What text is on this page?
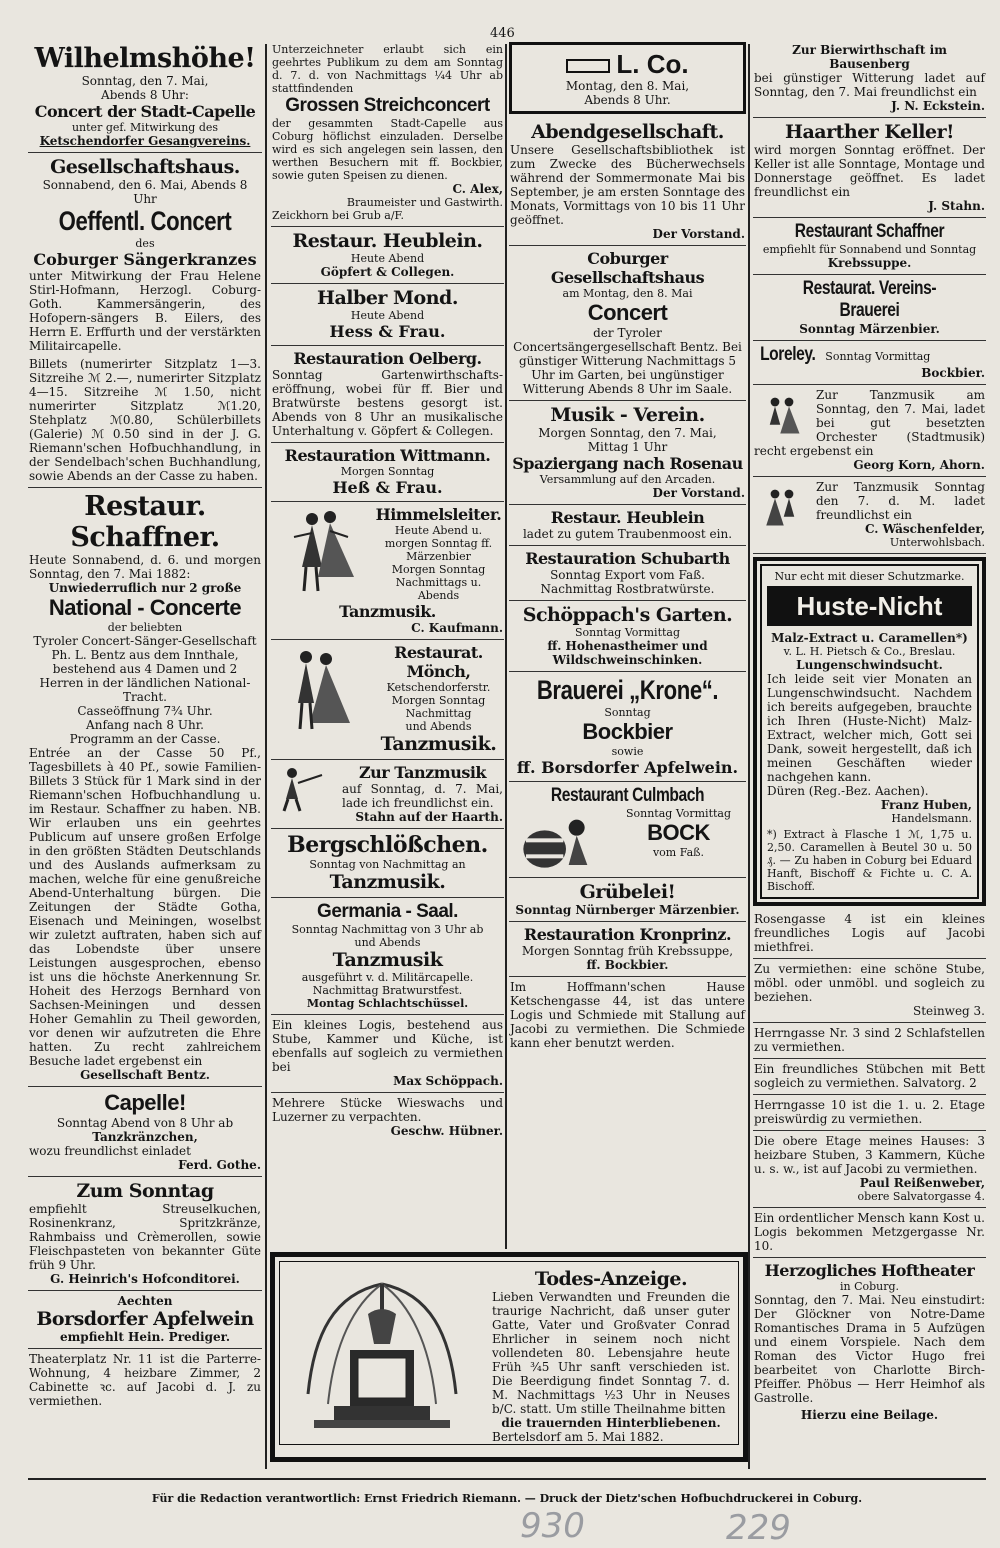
446

Wilhelmshöhe!

Sonntag, den 7. Mai,

Abends 8 Uhr:

Concert der Stadt-Capelle

unter gef. Mitwirkung des

Ketschendorfer Gesangvereins.

Gesellschaftshaus.

Sonnabend, den 6. Mai, Abends 8 Uhr

Oeffentl. Concert

des

Coburger Sängerkranzes

unter Mitwirkung der Frau Helene Stirl-Hofmann, Herzogl. Coburg-Goth. Kammersängerin, des Hofopern-sängers B. Eilers, des Herrn E. Erffurth und der verstärkten Militaircapelle.

Billets (numerirter Sitzplatz 1—3. Sitzreihe ℳ 2.—, numerirter Sitzplatz 4—15. Sitzreihe ℳ 1.50, nicht numerirter Sitzplatz ℳ1.20, Stehplatz ℳ0.80, Schülerbillets (Galerie) ℳ 0.50 sind in der J. G. Riemann'schen Hofbuchhandlung, in der Sendelbach'schen Buchhandlung, sowie Abends an der Casse zu haben.

Restaur. Schaffner.

Heute Sonnabend, d. 6. und morgen Sonntag, den 7. Mai 1882:

Unwiederruflich nur 2 große

National - Concerte

der beliebten

Tyroler Concert-Sänger-Gesellschaft Ph. L. Bentz aus dem Innthale, bestehend aus 4 Damen und 2 Herren in der ländlichen National-Tracht.

Casseöffnung 7¾ Uhr.

Anfang nach 8 Uhr.

Programm an der Casse.

Entrée an der Casse 50 Pf., Tagesbillets à 40 Pf., sowie Familien-Billets 3 Stück für 1 Mark sind in der Riemann'schen Hofbuchhandlung u. im Restaur. Schaffner zu haben. NB. Wir erlauben uns ein geehrtes Publicum auf unsere großen Erfolge in den größten Städten Deutschlands und des Auslands aufmerksam zu machen, welche für eine genußreiche Abend-Unterhaltung bürgen. Die Zeitungen der Städte Gotha, Eisenach und Meiningen, woselbst wir zuletzt auftraten, haben sich auf das Lobendste über unsere Leistungen ausgesprochen, ebenso ist uns die höchste Anerkennung Sr. Hoheit des Herzogs Bernhard von Sachsen-Meiningen und dessen Hoher Gemahlin zu Theil geworden, vor denen wir aufzutreten die Ehre hatten. Zu recht zahlreichem Besuche ladet ergebenst ein

Gesellschaft Bentz.

Capelle!

Sonntag Abend von 8 Uhr ab

Tanzkränzchen,

wozu freundlichst einladet

Ferd. Gothe.

Zum Sonntag

empfiehlt Streuselkuchen, Rosinenkranz, Spritzkränze, Rahmbaiss und Crèmerollen, sowie Fleischpasteten von bekannter Güte früh 9 Uhr.

G. Heinrich's Hofconditorei.

Aechten

Borsdorfer Apfelwein

empfiehlt Hein. Prediger.

Theaterplatz Nr. 11 ist die Parterre-Wohnung, 4 heizbare Zimmer, 2 Cabinette ꝛc. auf Jacobi d. J. zu vermiethen.

Unterzeichneter erlaubt sich ein geehrtes Publikum zu dem am Sonntag d. 7. d. von Nachmittags ¼4 Uhr ab stattfindenden

Grossen Streichconcert

der gesammten Stadt-Capelle aus Coburg höflichst einzuladen. Derselbe wird es sich angelegen sein lassen, den werthen Besuchern mit ff. Bockbier, sowie guten Speisen zu dienen.

C. Alex,

Braumeister und Gastwirth.

Zeickhorn bei Grub a/F.

Restaur. Heublein.

Heute Abend

Göpfert & Collegen.

Halber Mond.

Heute Abend

Hess & Frau.

Restauration Oelberg.

Sonntag Gartenwirthschafts-eröffnung, wobei für ff. Bier und Bratwürste bestens gesorgt ist. Abends von 8 Uhr an musikalische Unterhaltung v. Göpfert & Collegen.

Restauration Wittmann.

Morgen Sonntag

Heß & Frau.

Himmelsleiter.

Heute Abend u. morgen Sonntag ff. Märzenbier

Morgen Sonntag

Nachmittags u. Abends

Tanzmusik.

C. Kaufmann.

Restaurat. Mönch,

Ketschendorferstr.

Morgen Sonntag Nachmittag

und Abends

Tanzmusik.

Zur Tanzmusik

auf Sonntag, d. 7. Mai, lade ich freundlichst ein.

Stahn auf der Haarth.

Bergschlößchen.

Sonntag von Nachmittag an

Tanzmusik.

Germania - Saal.

Sonntag Nachmittag von 3 Uhr ab

und Abends

Tanzmusik

ausgeführt v. d. Militärcapelle.

Nachmittag Bratwurstfest.

Montag Schlachtschüssel.

Ein kleines Logis, bestehend aus Stube, Kammer und Küche, ist ebenfalls auf sogleich zu vermiethen bei

Max Schöppach.

Mehrere Stücke Wieswachs und Luzerner zu verpachten.

Geschw. Hübner.

L. Co.

Montag, den 8. Mai,

Abends 8 Uhr.

Abendgesellschaft.

Unsere Gesellschaftsbibliothek ist zum Zwecke des Bücherwechsels während der Sommermonate Mai bis September, je am ersten Sonntage des Monats, Vormittags von 10 bis 11 Uhr geöffnet.

Der Vorstand.

Coburger Gesellschaftshaus

am Montag, den 8. Mai

Concert

der Tyroler Concertsängergesellschaft Bentz. Bei günstiger Witterung Nachmittags 5 Uhr im Garten, bei ungünstiger Witterung Abends 8 Uhr im Saale.

Musik - Verein.

Morgen Sonntag, den 7. Mai,

Mittag 1 Uhr

Spaziergang nach Rosenau

Versammlung auf den Arcaden.

Der Vorstand.

Restaur. Heublein

ladet zu gutem Traubenmoost ein.

Restauration Schubarth

Sonntag Export vom Faß.

Nachmittag Rostbratwürste.

Schöppach's Garten.

Sonntag Vormittag

ff. Hohenastheimer und Wildschweinschinken.

Brauerei „Krone“.

Sonntag

Bockbier

sowie

ff. Borsdorfer Apfelwein.

Restaurant Culmbach

Sonntag Vormittag

BOCK

vom Faß.

Grübelei!

Sonntag Nürnberger Märzenbier.

Restauration Kronprinz.

Morgen Sonntag früh Krebssuppe,

ff. Bockbier.

Im Hoffmann'schen Hause Ketschengasse 44, ist das untere Logis und Schmiede mit Stallung auf Jacobi zu vermiethen. Die Schmiede kann eher benutzt werden.

Zur Bierwirthschaft im Bausenberg

bei günstiger Witterung ladet auf Sonntag, den 7. Mai freundlichst ein

J. N. Eckstein.

Haarther Keller!

wird morgen Sonntag eröffnet. Der Keller ist alle Sonntage, Montage und Donnerstage geöffnet. Es ladet freundlichst ein

J. Stahn.

Restaurant Schaffner

empfiehlt für Sonnabend und Sonntag

Krebssuppe.

Restaurat. Vereins-Brauerei

Sonntag Märzenbier.

Loreley. Sonntag Vormittag

Bockbier.

Zur Tanzmusik am Sonntag, den 7. Mai, ladet bei gut besetzten Orchester (Stadtmusik) recht ergebenst ein

Georg Korn, Ahorn.

Zur Tanzmusik Sonntag den 7. d. M. ladet freundlichst ein

C. Wäschenfelder,

Unterwohlsbach.

Nur echt mit dieser Schutzmarke.

Huste-Nicht

Malz-Extract u. Caramellen*)

v. L. H. Pietsch & Co., Breslau.

Lungenschwindsucht.

Ich leide seit vier Monaten an Lungenschwindsucht. Nachdem ich bereits aufgegeben, brauchte ich Ihren (Huste-Nicht) Malz-Extract, welcher mich, Gott sei Dank, soweit hergestellt, daß ich meinen Geschäften wieder nachgehen kann.

Düren (Reg.-Bez. Aachen).

Franz Huben,

Handelsmann.

*) Extract à Flasche 1 ℳ, 1,75 u. 2,50. Caramellen à Beutel 30 u. 50 ₰. — Zu haben in Coburg bei Eduard Hanft, Bischoff & Fichte u. C. A. Bischoff.

Rosengasse 4 ist ein kleines freundliches Logis auf Jacobi miethfrei.

Zu vermiethen: eine schöne Stube, möbl. oder unmöbl. und sogleich zu beziehen.

Steinweg 3.

Herrngasse Nr. 3 sind 2 Schlafstellen zu vermiethen.

Ein freundliches Stübchen mit Bett sogleich zu vermiethen. Salvatorg. 2

Herrngasse 10 ist die 1. u. 2. Etage preiswürdig zu vermiethen.

Die obere Etage meines Hauses: 3 heizbare Stuben, 3 Kammern, Küche u. s. w., ist auf Jacobi zu vermiethen.

Paul Reißenweber,

obere Salvatorgasse 4.

Ein ordentlicher Mensch kann Kost u. Logis bekommen Metzgergasse Nr. 10.

Herzogliches Hoftheater

in Coburg.

Sonntag, den 7. Mai. Neu einstudirt: Der Glöckner von Notre-Dame Romantisches Drama in 5 Aufzügen und einem Vorspiele. Nach dem Roman des Victor Hugo frei bearbeitet von Charlotte Birch-Pfeiffer. Phöbus — Herr Heimhof als Gastrolle.

Hierzu eine Beilage.

Todes-Anzeige.

Lieben Verwandten und Freunden die traurige Nachricht, daß unser guter Gatte, Vater und Großvater Conrad Ehrlicher in seinem noch nicht vollendeten 80. Lebensjahre heute Früh ¾5 Uhr sanft verschieden ist. Die Beerdigung findet Sonntag 7. d. M. Nachmittags ½3 Uhr in Neuses b/C. statt. Um stille Theilnahme bitten

die trauernden Hinterbliebenen.

Bertelsdorf am 5. Mai 1882.

Für die Redaction verantwortlich: Ernst Friedrich Riemann. — Druck der Dietz'schen Hofbuchdruckerei in Coburg.
930	229
